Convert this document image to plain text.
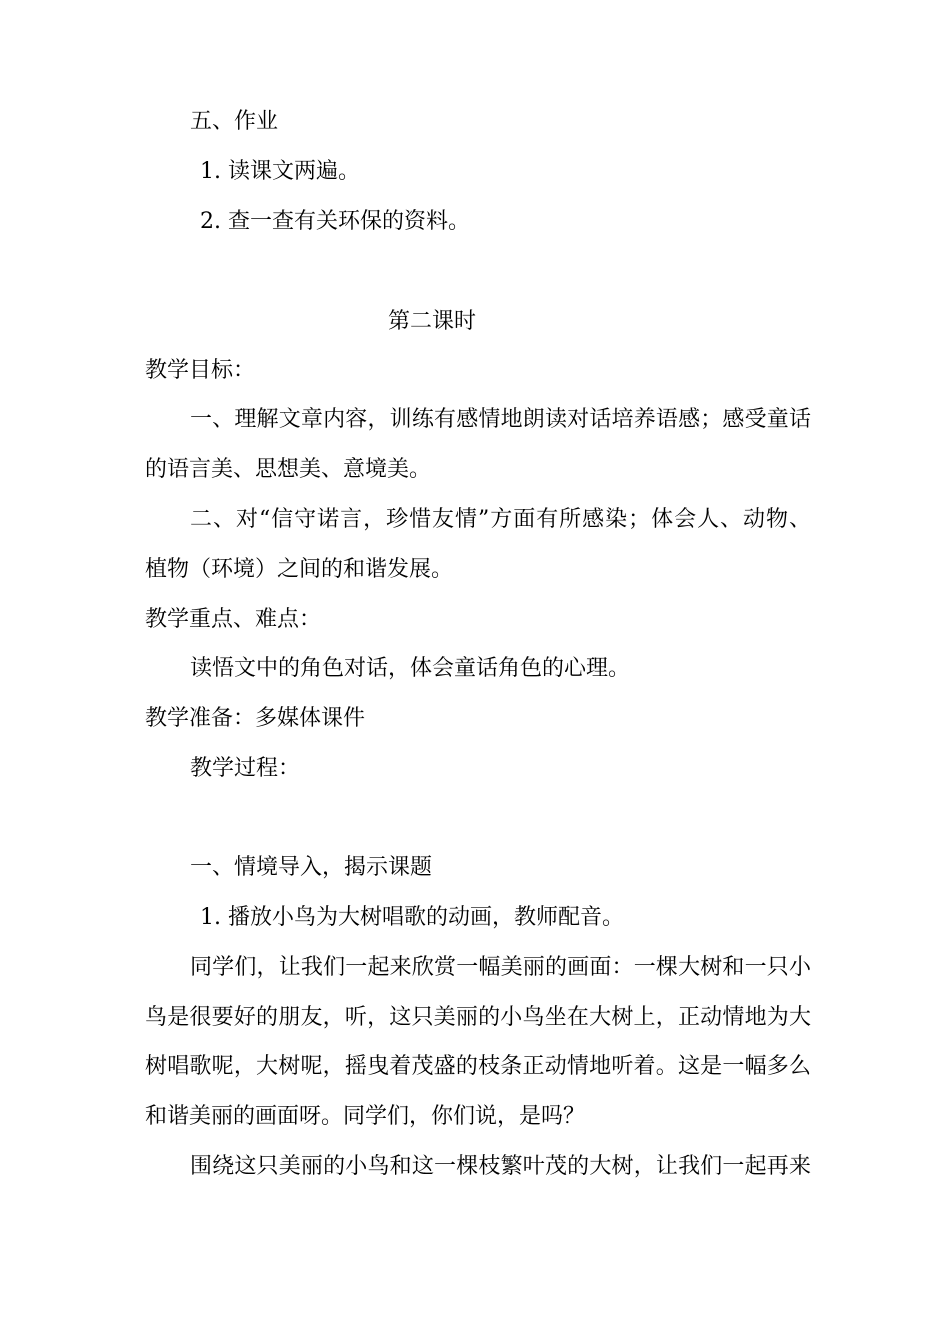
五、作业
1. 读课文两遍。
2. 查一查有关环保的资料。
第二课时
教学目标：
一、理解文章内容，训练有感情地朗读对话培养语感；感受童话
的语言美、思想美、意境美。
二、对“信守诺言，珍惜友情”方面有所感染；体会人、动物、
植物（环境）之间的和谐发展。
教学重点、难点：
读悟文中的角色对话，体会童话角色的心理。
教学准备：多媒体课件
教学过程：
一、情境导入，揭示课题
1. 播放小鸟为大树唱歌的动画，教师配音。
同学们，让我们一起来欣赏一幅美丽的画面：一棵大树和一只小
鸟是很要好的朋友，听，这只美丽的小鸟坐在大树上，正动情地为大
树唱歌呢，大树呢，摇曳着茂盛的枝条正动情地听着。这是一幅多么
和谐美丽的画面呀。同学们，你们说，是吗？
围绕这只美丽的小鸟和这一棵枝繁叶茂的大树，让我们一起再来
